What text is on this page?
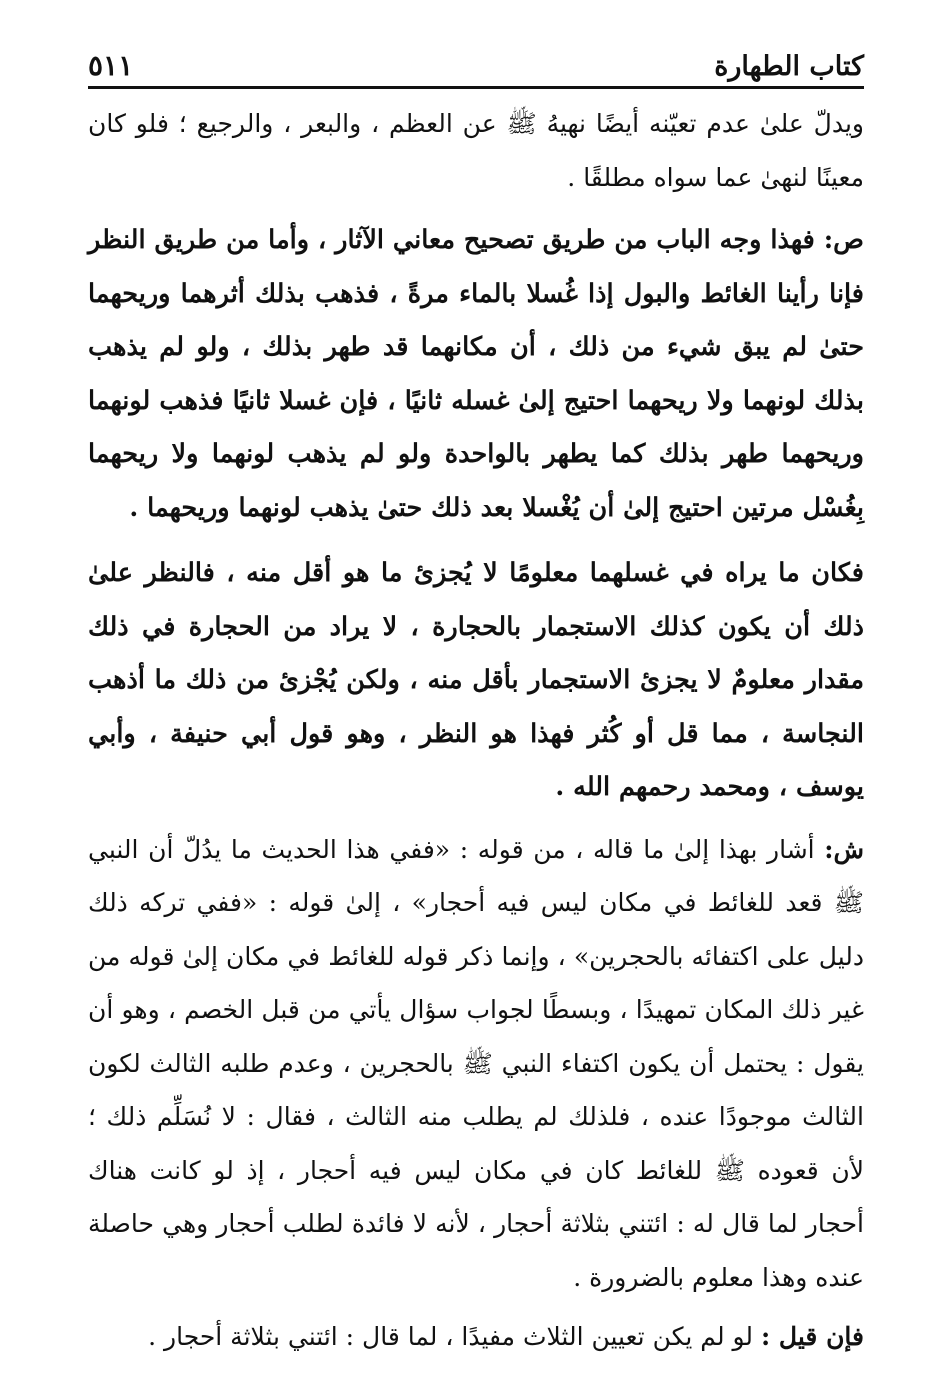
كتاب الطهارة
٥١١

ويدلّ علىٰ عدم تعيّنه أيضًا نهيهُ ﷺ عن العظم ، والبعر ، والرجيع ؛ فلو كان معينًا لنهىٰ عما سواه مطلقًا .

ص: فهذا وجه الباب من طريق تصحيح معاني الآثار ، وأما من طريق النظر فإنا رأينا الغائط والبول إذا غُسلا بالماء مرةً ، فذهب بذلك أثرهما وريحهما حتىٰ لم يبق شيء من ذلك ، أن مكانهما قد طهر بذلك ، ولو لم يذهب بذلك لونهما ولا ريحهما احتيج إلىٰ غسله ثانيًا ، فإن غسلا ثانيًا فذهب لونهما وريحهما طهر بذلك كما يطهر بالواحدة ولو لم يذهب لونهما ولا ريحهما بِغُسْل مرتين احتيج إلىٰ أن يُغْسلا بعد ذلك حتىٰ يذهب لونهما وريحهما .

فكان ما يراه في غسلهما معلومًا لا يُجزئ ما هو أقل منه ، فالنظر علىٰ ذلك أن يكون كذلك الاستجمار بالحجارة ، لا يراد من الحجارة في ذلك مقدار معلومٌ لا يجزئ الاستجمار بأقل منه ، ولكن يُجْزئ من ذلك ما أذهب النجاسة ، مما قل أو كُثر فهذا هو النظر ، وهو قول أبي حنيفة ، وأبي يوسف ، ومحمد رحمهم الله .

ش: أشار بهذا إلىٰ ما قاله ، من قوله : «ففي هذا الحديث ما يدُلّ أن النبي ﷺ قعد للغائط في مكان ليس فيه أحجار» ، إلىٰ قوله : «ففي تركه ذلك دليل على اكتفائه بالحجرين» ، وإنما ذكر قوله للغائط في مكان إلىٰ قوله من غير ذلك المكان تمهيدًا ، وبسطًا لجواب سؤال يأتي من قبل الخصم ، وهو أن يقول : يحتمل أن يكون اكتفاء النبي ﷺ بالحجرين ، وعدم طلبه الثالث لكون الثالث موجودًا عنده ، فلذلك لم يطلب منه الثالث ، فقال : لا نُسَلِّم ذلك ؛ لأن قعوده ﷺ للغائط كان في مكان ليس فيه أحجار ، إذ لو كانت هناك أحجار لما قال له : ائتني بثلاثة أحجار ، لأنه لا فائدة لطلب أحجار وهي حاصلة عنده وهذا معلوم بالضرورة .

فإن قيل : لو لم يكن تعيين الثلاث مفيدًا ، لما قال : ائتني بثلاثة أحجار .
